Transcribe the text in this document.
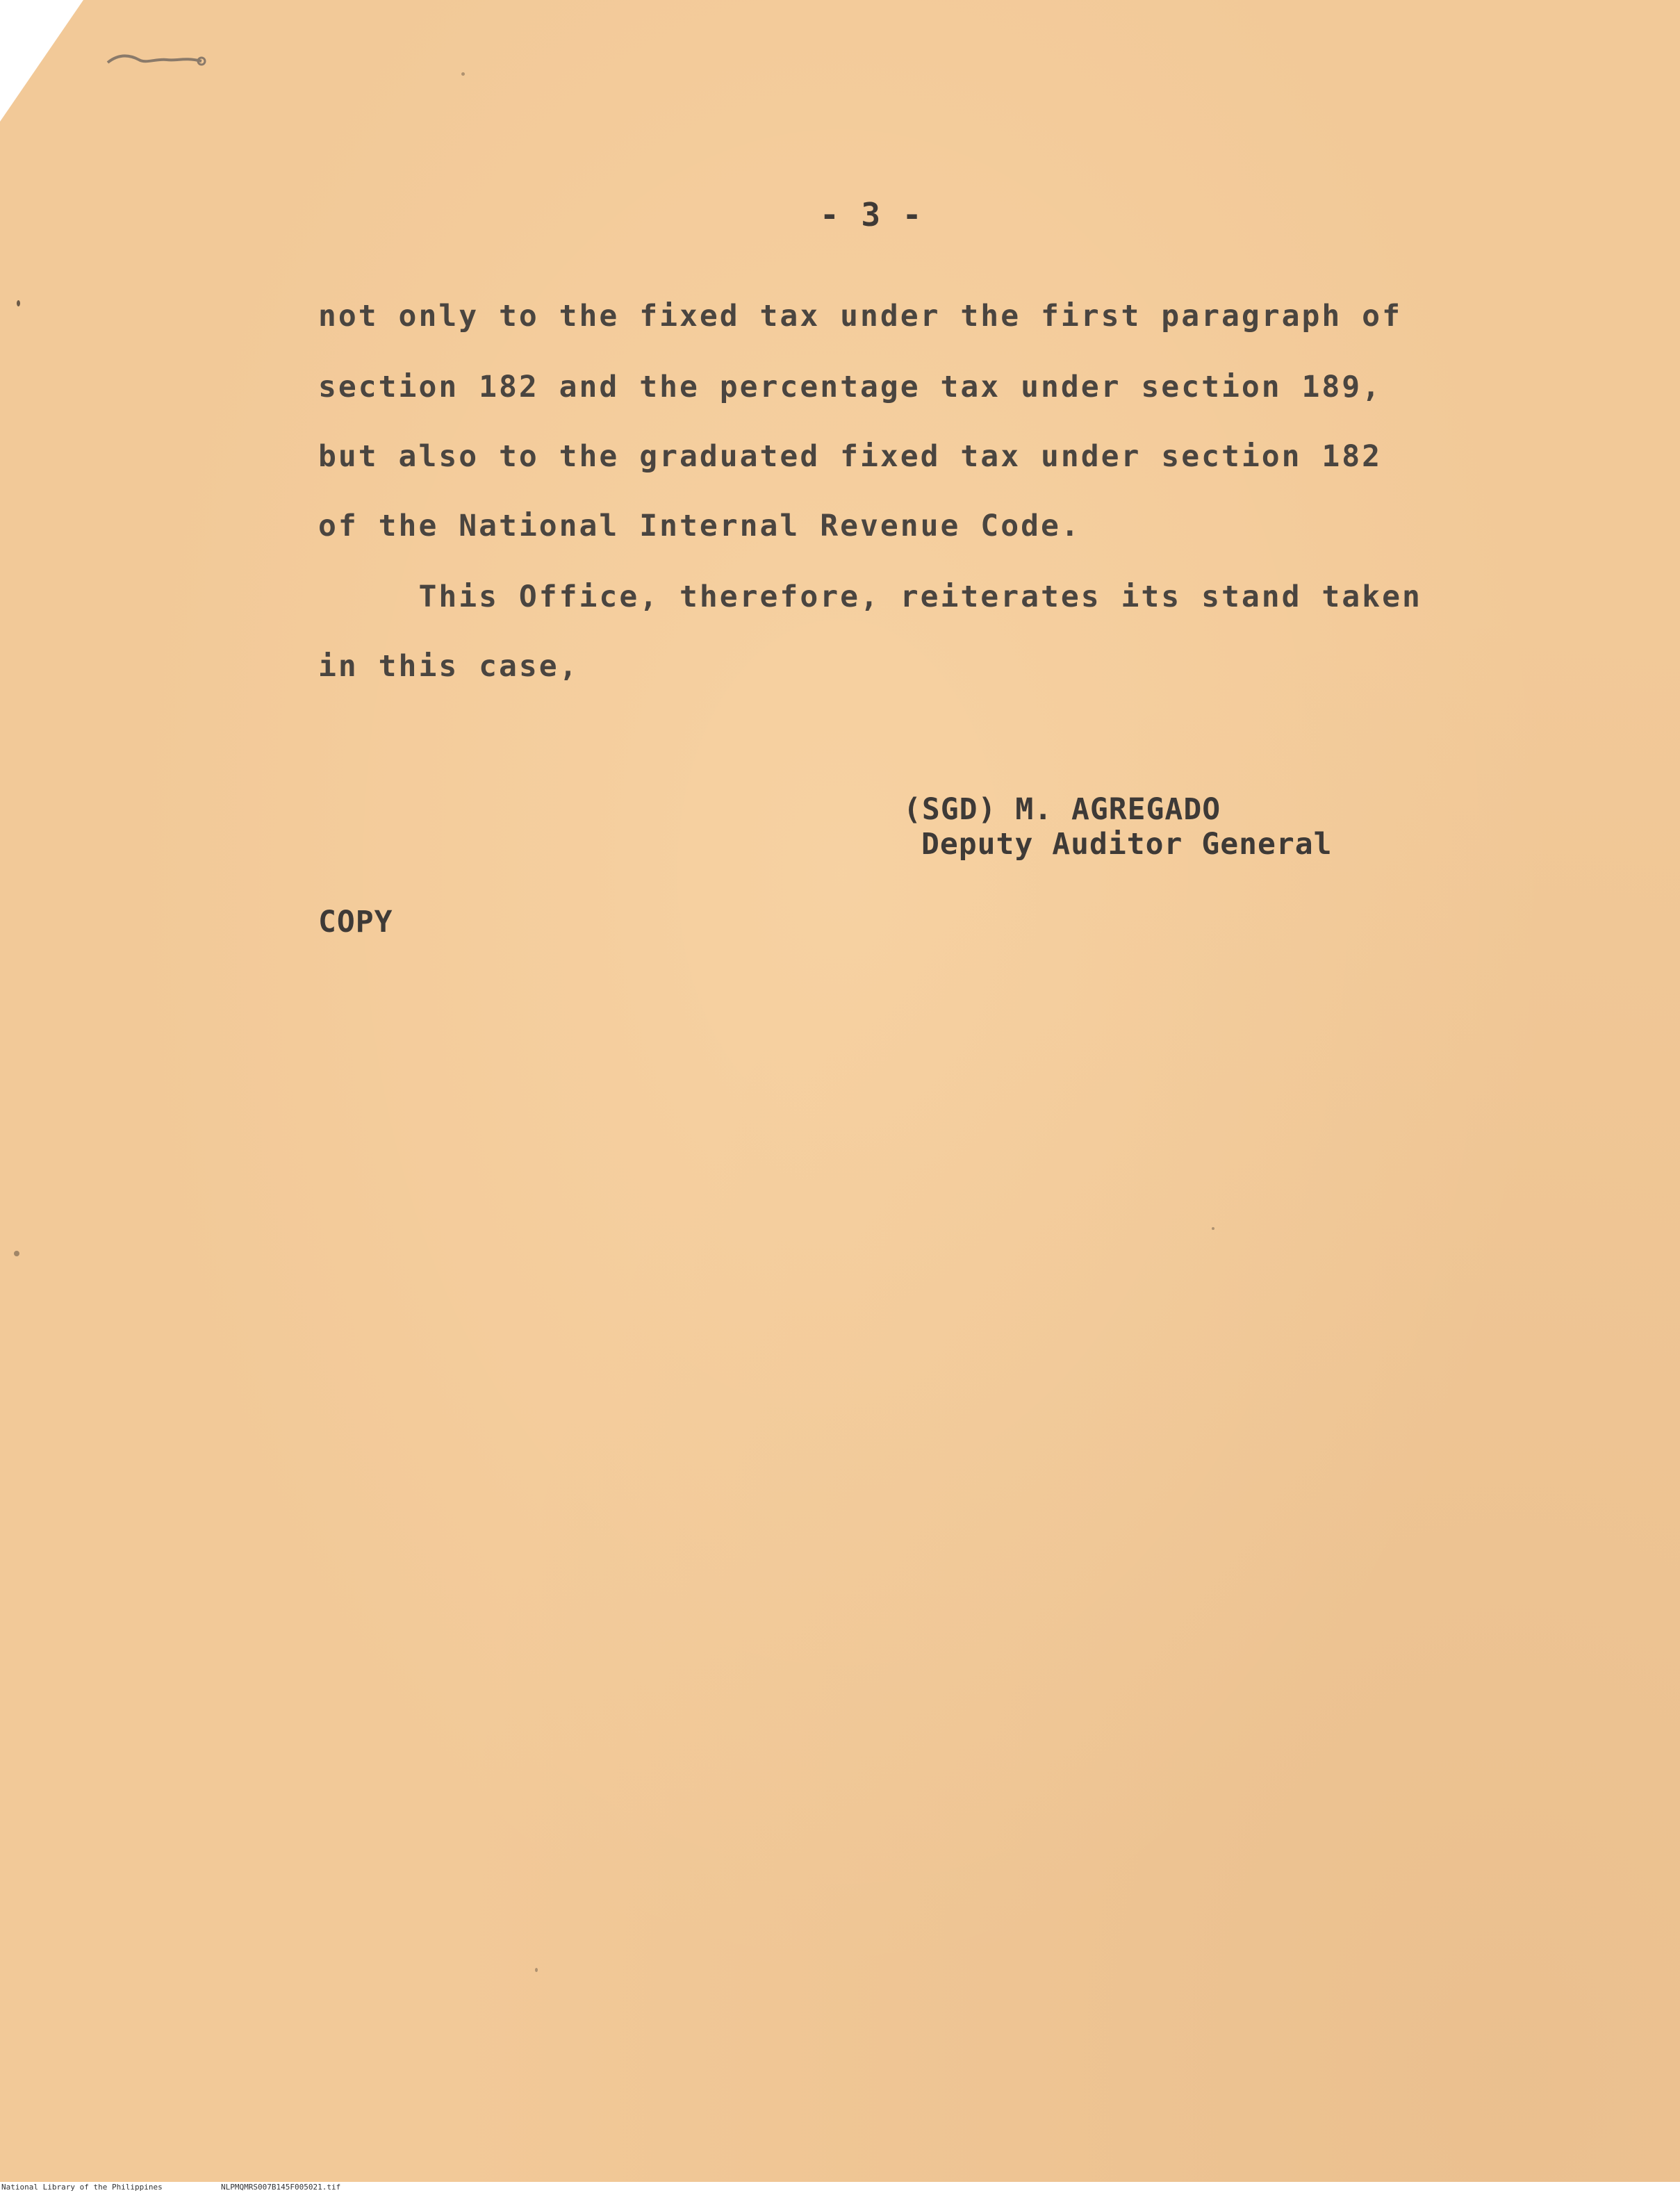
- 3 -
not only to the fixed tax under the first paragraph of
section 182 and the percentage tax under section 189,
but also to the graduated fixed tax under section 182
of the National Internal Revenue Code.
This Office, therefore, reiterates its stand taken
in this case,
(SGD) M. AGREGADO
Deputy Auditor General
COPY
National Library of the Philippines	NLPMQMRS007B145F005021.tif
